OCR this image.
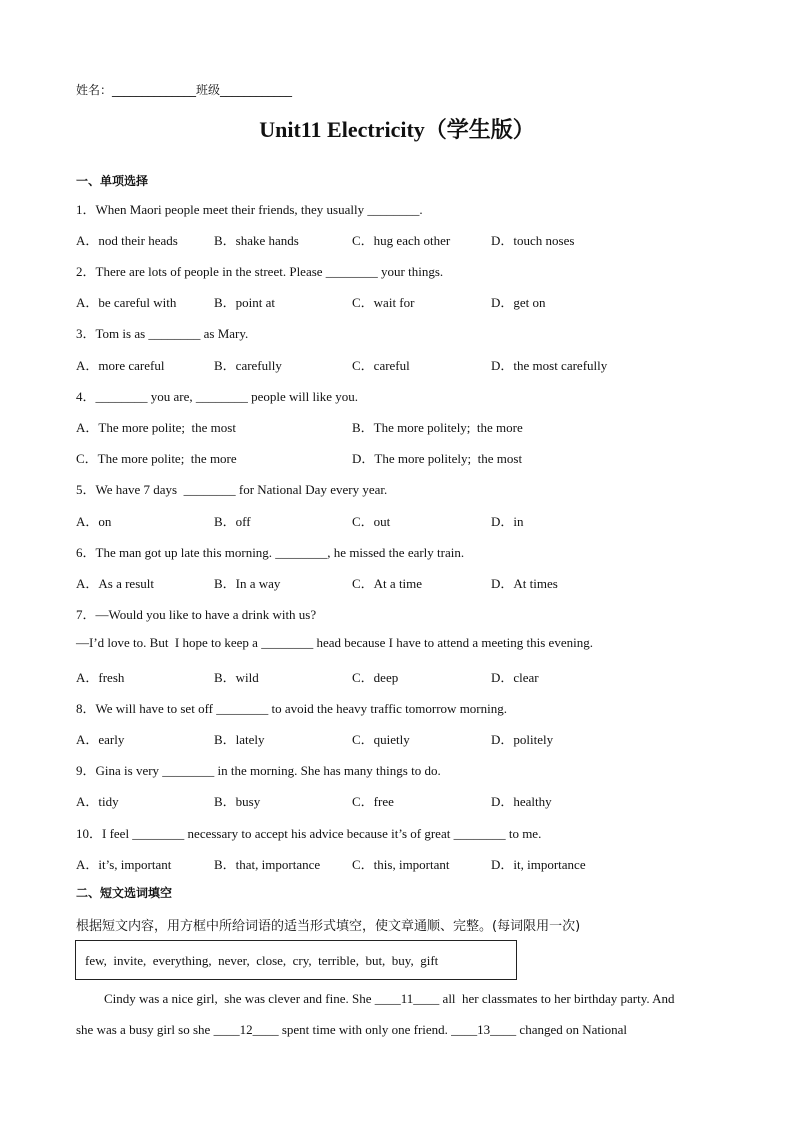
姓名：______________班级____________
Unit11 Electricity（学生版）
一、单项选择
1．When Maori people meet their friends, they usually ________.
A．nod their heads	B．shake hands	C．hug each other	D．touch noses
2．There are lots of people in the street. Please ________ your things.
A．be careful with	B．point at	C．wait for	D．get on
3．Tom is as ________ as Mary.
A．more careful	B．carefully	C．careful	D．the most carefully
4．________ you are, ________ people will like you.
A．The more polite;  the most	B．The more politely;  the more
C．The more polite;  the more	D．The more politely;  the most
5．We have 7 days  ________ for National Day every year.
A．on	B．off	C．out	D．in
6．The man got up late this morning. ________, he missed the early train.
A．As a result	B．In a way	C．At a time	D．At times
7．—Would you like to have a drink with us?
—I’d love to. But  I hope to keep a ________ head because I have to attend a meeting this evening.
A．fresh	B．wild	C．deep	D．clear
8．We will have to set off ________ to avoid the heavy traffic tomorrow morning.
A．early	B．lately	C．quietly	D．politely
9．Gina is very ________ in the morning. She has many things to do.
A．tidy	B．busy	C．free	D．healthy
10．I feel ________ necessary to accept his advice because it’s of great ________ to me.
A．it’s, important	B．that, importance C．this, important	D．it, importance
二、短文选词填空
根据短文内容，用方框中所给词语的适当形式填空，使文章通顺、完整。(每词限用一次)
few,  invite,  everything,  never,  close,  cry,  terrible,  but,  buy,  gift
Cindy was a nice girl,  she was clever and fine. She ____11____ all  her classmates to her birthday party. And
she was a busy girl so she ____12____ spent time with only one friend. ____13____ changed on National
